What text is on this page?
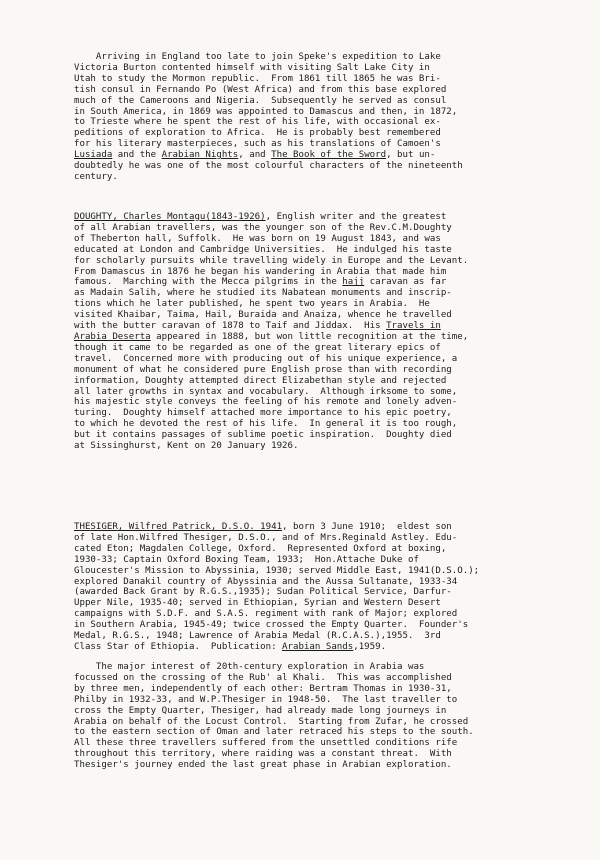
Arriving in England too late to join Speke's expedition to Lake
Victoria Burton contented himself with visiting Salt Lake City in
Utah to study the Mormon republic.  From 1861 till 1865 he was Bri-
tish consul in Fernando Po (West Africa) and from this base explored
much of the Cameroons and Nigeria.  Subsequently he served as consul
in South America, in 1869 was appointed to Damascus and then, in 1872,
to Trieste where he spent the rest of his life, with occasional ex-
peditions of exploration to Africa.  He is probably best remembered
for his literary masterpieces, such as his translations of Camoen's
Lusiada and the Arabian Nights, and The Book of the Sword, but un-
doubtedly he was one of the most colourful characters of the nineteenth
century.
DOUGHTY, Charles Montagu(1843-1926), English writer and the greatest
of all Arabian travellers, was the younger son of the Rev.C.M.Doughty
of Theberton hall, Suffolk.  He was born on 19 August 1843, and was
educated at London and Cambridge Universities.  He indulged his taste
for scholarly pursuits while travelling widely in Europe and the Levant.
From Damascus in 1876 he began his wandering in Arabia that made him
famous.  Marching with the Mecca pilgrims in the hajj caravan as far
as Madain Salih, where he studied its Nabatean monuments and inscrip-
tions which he later published, he spent two years in Arabia.  He
visited Khaibar, Taima, Hail, Buraida and Anaiza, whence he travelled
with the butter caravan of 1878 to Taif and Jiddax.  His Travels in
Arabia Deserta appeared in 1888, but won little recognition at the time,
though it came to be regarded as one of the great literary epics of
travel.  Concerned more with producing out of his unique experience, a
monument of what he considered pure English prose than with recording
information, Doughty attempted direct Elizabethan style and rejected
all later growths in syntax and vocabulary.  Although irksome to some,
his majestic style conveys the feeling of his remote and lonely adven-
turing.  Doughty himself attached more importance to his epic poetry,
to which he devoted the rest of his life.  In general it is too rough,
but it contains passages of sublime poetic inspiration.  Doughty died
at Sissinghurst, Kent on 20 January 1926.
THESIGER, Wilfred Patrick, D.S.O. 1941, born 3 June 1910;  eldest son
of late Hon.Wilfred Thesiger, D.S.O., and of Mrs.Reginald Astley. Edu-
cated Eton; Magdalen College, Oxford.  Represented Oxford at boxing,
1930-33; Captain Oxford Boxing Team, 1933;  Hon.Attache Duke of
Gloucester's Mission to Abyssinia, 1930; served Middle East, 1941(D.S.O.);
explored Danakil country of Abyssinia and the Aussa Sultanate, 1933-34
(awarded Back Grant by R.G.S.,1935); Sudan Political Service, Darfur-
Upper Nile, 1935-40; served in Ethiopian, Syrian and Western Desert
campaigns with S.D.F. and S.A.S. regiment with rank of Major; explored
in Southern Arabia, 1945-49; twice crossed the Empty Quarter.  Founder's
Medal, R.G.S., 1948; Lawrence of Arabia Medal (R.C.A.S.),1955.  3rd
Class Star of Ethiopia.  Publication: Arabian Sands,1959.
The major interest of 20th-century exploration in Arabia was
focussed on the crossing of the Rub' al Khali.  This was accomplished
by three men, independently of each other: Bertram Thomas in 1930-31,
Philby in 1932-33, and W.P.Thesiger in 1948-50.  The last traveller to
cross the Empty Quarter, Thesiger, had already made long journeys in
Arabia on behalf of the Locust Control.  Starting from Zufar, he crossed
to the eastern section of Oman and later retraced his steps to the south.
All these three travellers suffered from the unsettled conditions rife
throughout this territory, where raiding was a constant threat.  With
Thesiger's journey ended the last great phase in Arabian exploration.
